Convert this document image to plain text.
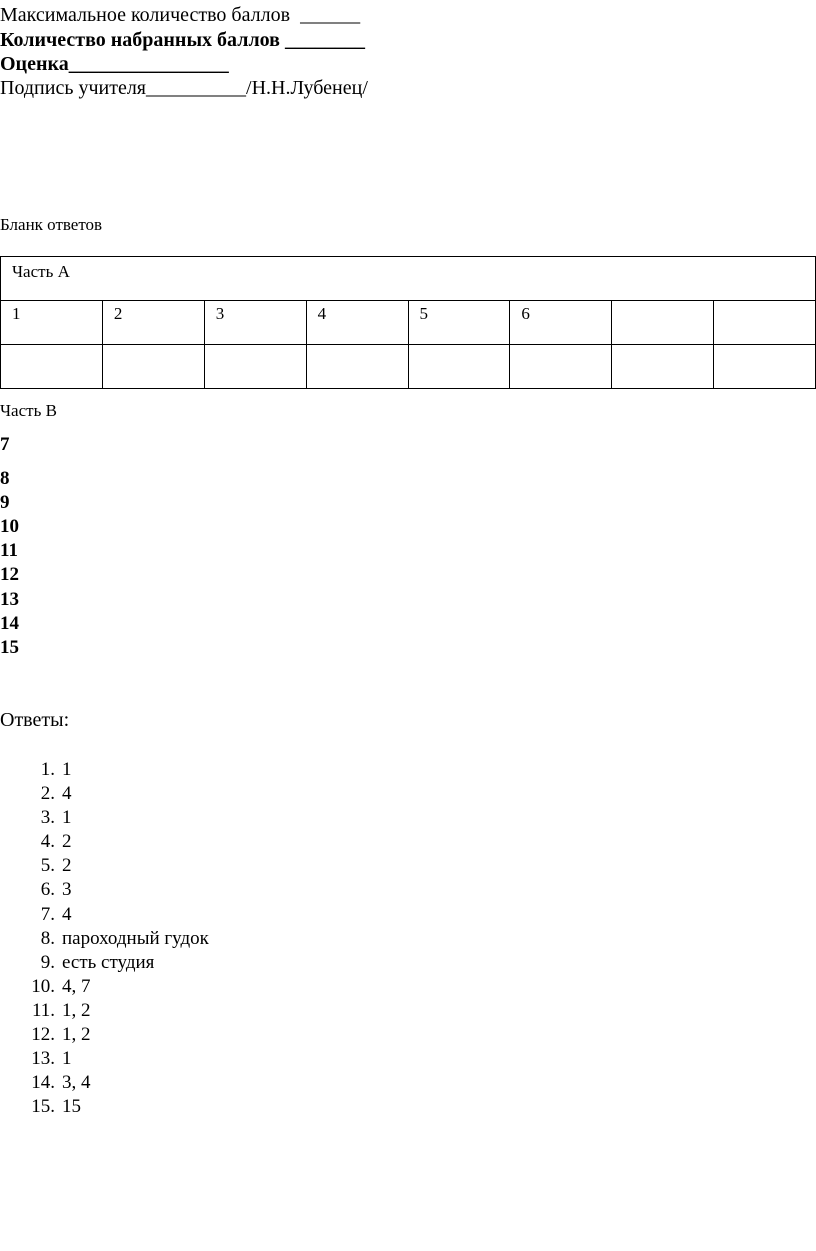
Максимальное количество баллов  ______
Количество набранных баллов ________
Оценка________________
Подпись учителя__________/Н.Н.Лубенец/
Бланк ответов
Часть А							
1	2	3	4	5	6		

Часть В
7
8
9
10
11
12
13
14
15
Ответы:
1. 1
2. 4
3. 1
4. 2
5. 2
6. 3
7. 4
8. пароходный гудок
9. есть студия
10. 4, 7
11. 1, 2
12. 1, 2
13. 1
14. 3, 4
15. 15
